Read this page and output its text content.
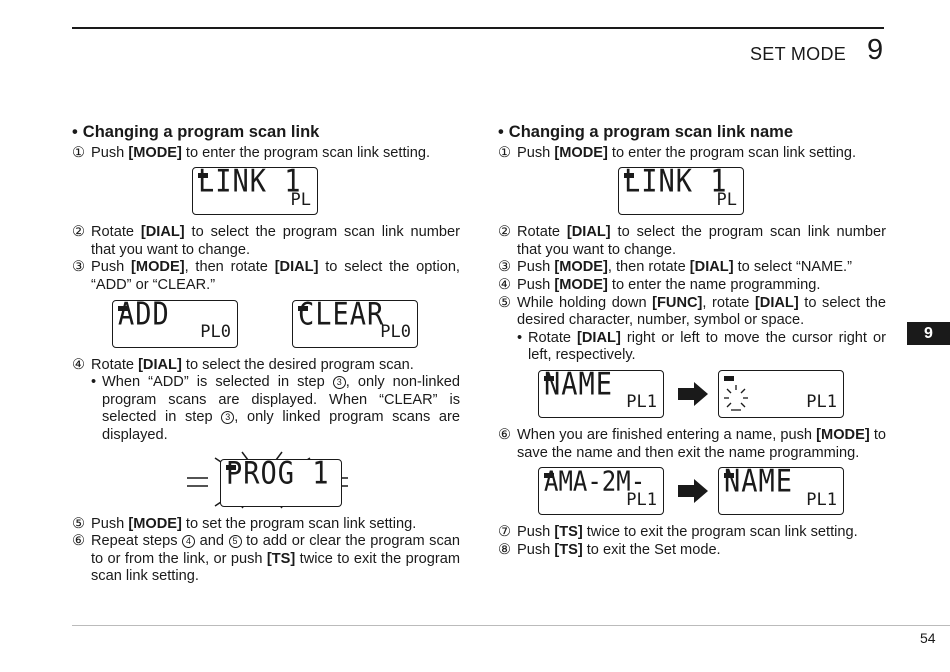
SET MODE 9
9
• Changing a program scan link
① Push [MODE] to enter the program scan link setting.
LINK 1
PL
② Rotate [DIAL] to select the program scan link number that you want to change.
③ Push [MODE], then rotate [DIAL] to select the option, “ADD” or “CLEAR.”
ADD PL0 CLEAR
PL0
④ Rotate [DIAL] to select the desired program scan.
• When “ADD” is selected in step 3 , only non-linked program scans are displayed. When “CLEAR” is selected in step 3 , only linked program scans are displayed.
PROG 1
⑤ Push [MODE] to set the program scan link setting.
⑥ Repeat steps 4 and 5 to add or clear the program scan to or from the link, or push [TS] twice to exit the program scan link setting.
• Changing a program scan link name
① Push [MODE] to enter the program scan link setting.
LINK 1
PL
② Rotate [DIAL] to select the program scan link number that you want to change.
③ Push [MODE], then rotate [DIAL] to select “NAME.”
④ Push [MODE] to enter the name programming.
⑤ While holding down [FUNC], rotate [DIAL] to select the desired character, number, symbol or space.
• Rotate [DIAL] right or left to move the cursor right or left, respectively.
NAME PL1	PL1
⑥ When you are finished entering a name, push [MODE] to save the name and then exit the name programming.
AMA-2M-
PL1 NAME PL1
⑦ Push [TS] twice to exit the program scan link setting.
⑧ Push [TS] to exit the Set mode.
54
